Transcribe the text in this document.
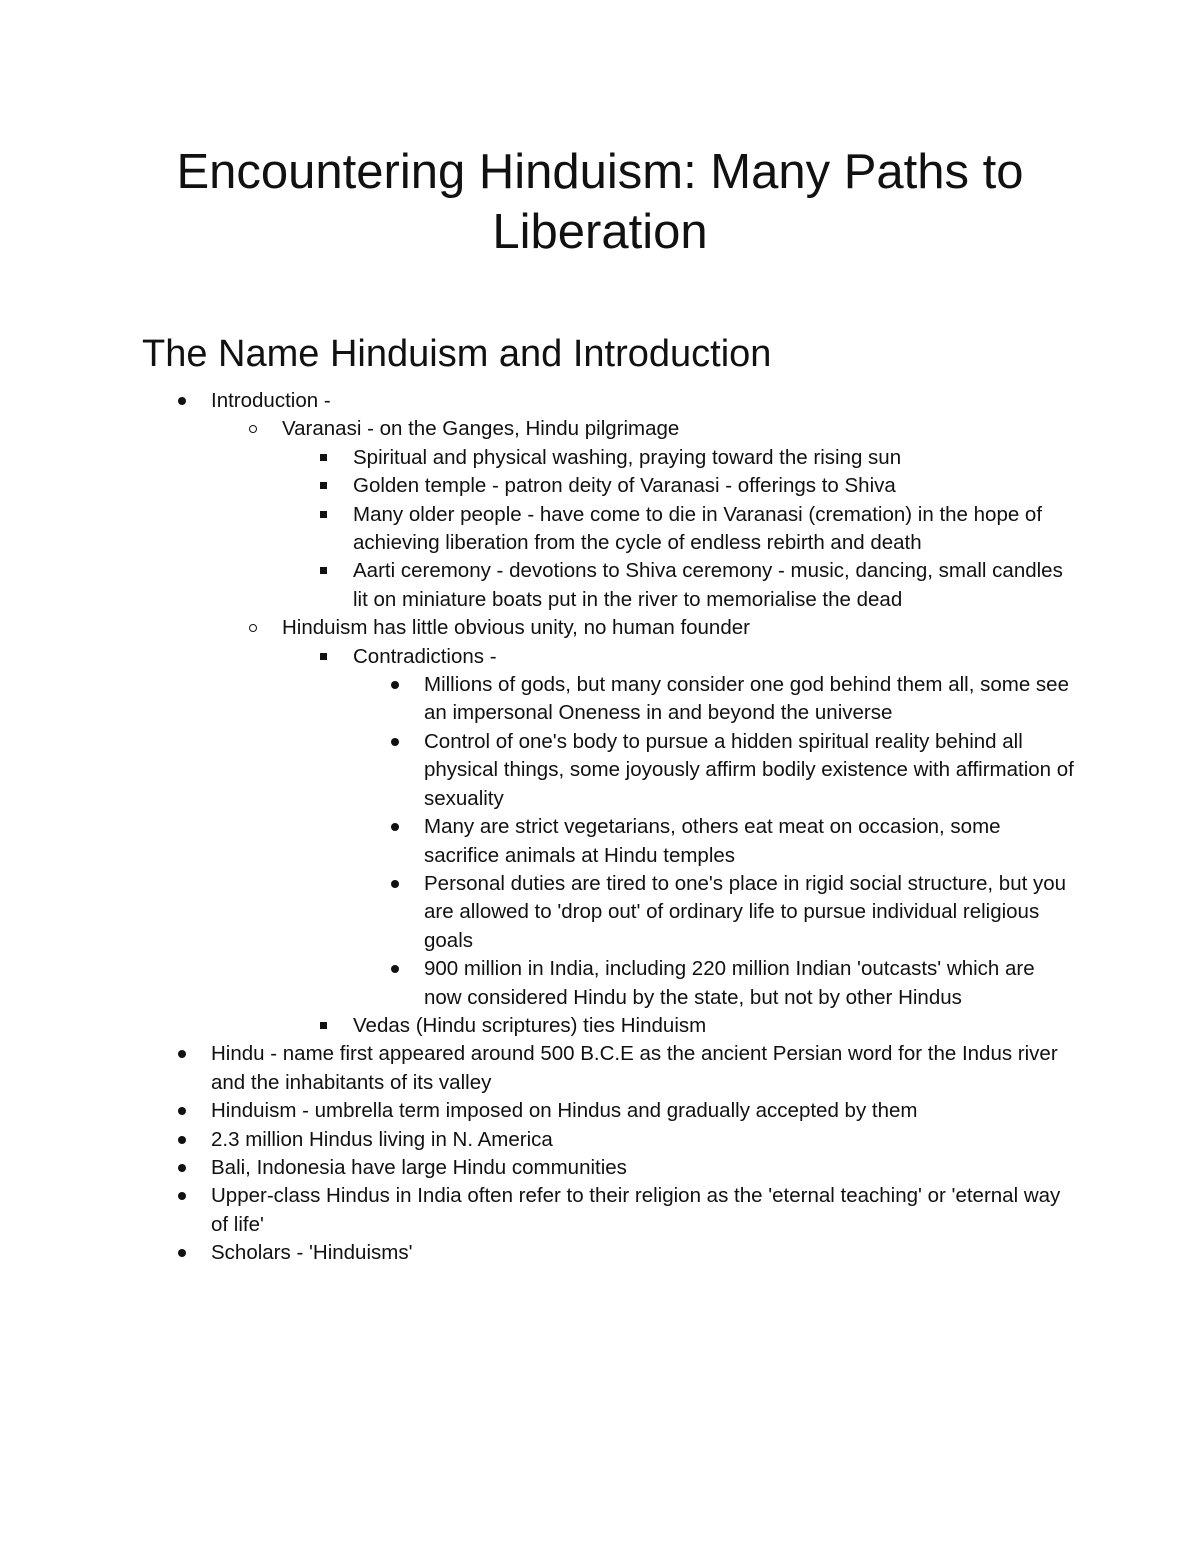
Encountering Hinduism: Many Paths to Liberation
The Name Hinduism and Introduction
Introduction -
Varanasi - on the Ganges, Hindu pilgrimage
Spiritual and physical washing, praying toward the rising sun
Golden temple - patron deity of Varanasi - offerings to Shiva
Many older people - have come to die in Varanasi (cremation) in the hope of achieving liberation from the cycle of endless rebirth and death
Aarti ceremony - devotions to Shiva ceremony - music, dancing, small candles lit on miniature boats put in the river to memorialise the dead
Hinduism has little obvious unity, no human founder
Contradictions -
Millions of gods, but many consider one god behind them all, some see an impersonal Oneness in and beyond the universe
Control of one's body to pursue a hidden spiritual reality behind all physical things, some joyously affirm bodily existence with affirmation of sexuality
Many are strict vegetarians, others eat meat on occasion, some sacrifice animals at Hindu temples
Personal duties are tired to one's place in rigid social structure, but you are allowed to 'drop out' of ordinary life to pursue individual religious goals
900 million in India, including 220 million Indian 'outcasts' which are now considered Hindu by the state, but not by other Hindus
Vedas (Hindu scriptures) ties Hinduism
Hindu - name first appeared around 500 B.C.E as the ancient Persian word for the Indus river and the inhabitants of its valley
Hinduism - umbrella term imposed on Hindus and gradually accepted by them
2.3 million Hindus living in N. America
Bali, Indonesia have large Hindu communities
Upper-class Hindus in India often refer to their religion as the 'eternal teaching' or 'eternal way of life'
Scholars - 'Hinduisms'
